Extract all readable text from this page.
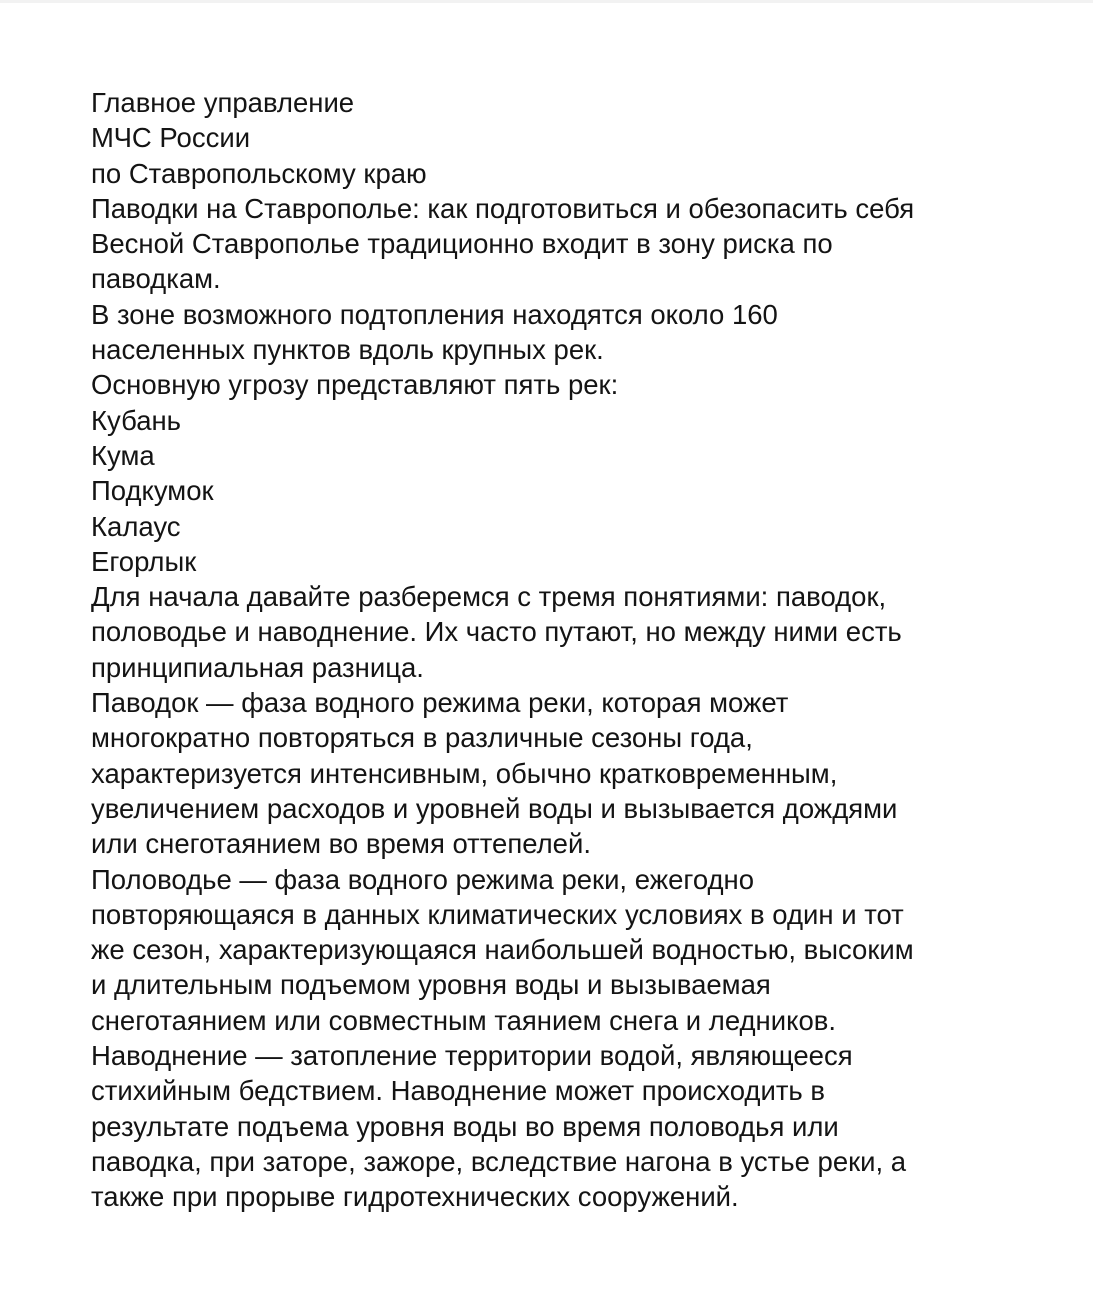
Главное управление

МЧС России

по Ставропольскому краю

Паводки на Ставрополье: как подготовиться и обезопасить себя

Весной Ставрополье традиционно входит в зону риска по

паводкам.

В зоне возможного подтопления находятся около 160

населенных пунктов вдоль крупных рек.

Основную угрозу представляют пять рек:

Кубань

Кума

Подкумок

Калаус

Егорлык

Для начала давайте разберемся с тремя понятиями: паводок,

половодье и наводнение. Их часто путают, но между ними есть

принципиальная разница.

Паводок — фаза водного режима реки, которая может

многократно повторяться в различные сезоны года,

характеризуется интенсивным, обычно кратковременным,

увеличением расходов и уровней воды и вызывается дождями

или снеготаянием во время оттепелей.

Половодье — фаза водного режима реки, ежегодно

повторяющаяся в данных климатических условиях в один и тот

же сезон, характеризующаяся наибольшей водностью, высоким

и длительным подъемом уровня воды и вызываемая

снеготаянием или совместным таянием снега и ледников.

Наводнение — затопление территории водой, являющееся

стихийным бедствием. Наводнение может происходить в

результате подъема уровня воды во время половодья или

паводка, при заторе, зажоре, вследствие нагона в устье реки, а

также при прорыве гидротехнических сооружений.
